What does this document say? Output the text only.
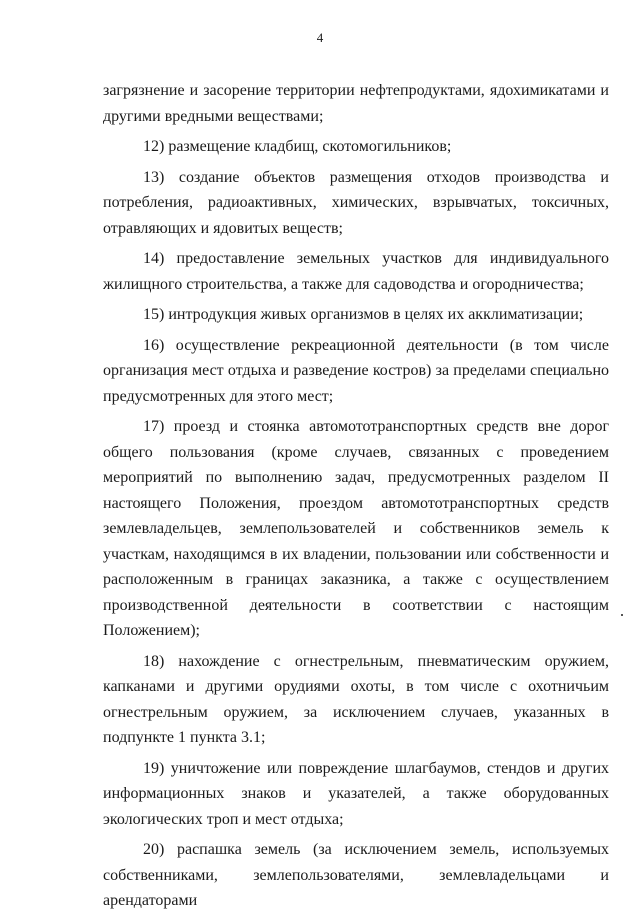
4

загрязнение и засорение территории нефтепродуктами, ядохимикатами и другими вредными веществами;

12) размещение кладбищ, скотомогильников;

13) создание объектов размещения отходов производства и потребления, радиоактивных, химических, взрывчатых, токсичных, отравляющих и ядовитых веществ;

14) предоставление земельных участков для индивидуального жилищного строительства, а также для садоводства и огородничества;

15) интродукция живых организмов в целях их акклиматизации;

16) осуществление рекреационной деятельности (в том числе организация мест отдыха и разведение костров) за пределами специально предусмотренных для этого мест;

17) проезд и стоянка автомототранспортных средств вне дорог общего пользования (кроме случаев, связанных с проведением мероприятий по выполнению задач, предусмотренных разделом II настоящего Положения, проездом автомототранспортных средств землевладельцев, землепользователей и собственников земель к участкам, находящимся в их владении, пользовании или собственности и расположенным в границах заказника, а также с осуществлением производственной деятельности в соответствии с настоящим Положением);

18) нахождение с огнестрельным, пневматическим оружием, капканами и другими орудиями охоты, в том числе с охотничьим огнестрельным оружием, за исключением случаев, указанных в подпункте 1 пункта 3.1;

19) уничтожение или повреждение шлагбаумов, стендов и других информационных знаков и указателей, а также оборудованных экологических троп и мест отдыха;

20) распашка земель (за исключением земель, используемых собственниками, землепользователями, землевладельцами и арендаторами
